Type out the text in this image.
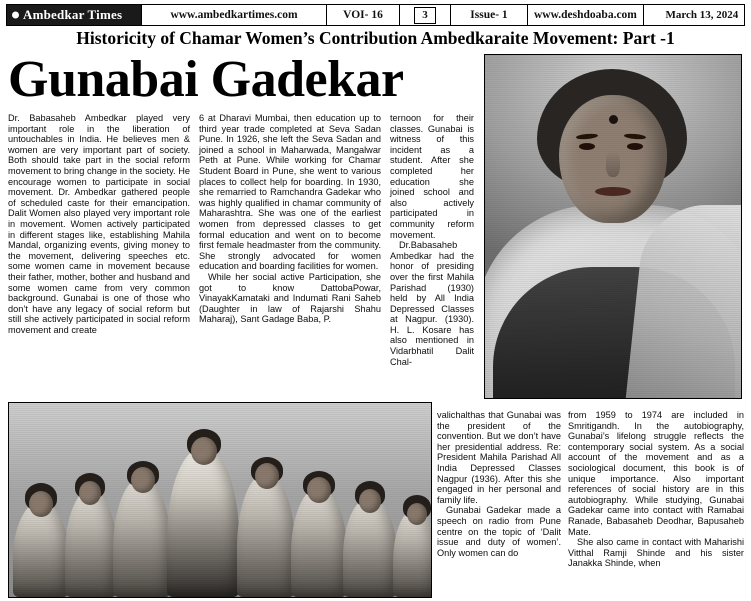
Ambedkar Times	www.ambedkartimes.com	VOI- 16	3	Issue- 1	www.deshdoaba.com	March 13, 2024
Historicity of Chamar Women’s Contribution Ambedkaraite Movement: Part -1
Gunabai Gadekar

Dr. Babasaheb Ambedkar played very important role in the liberation of untouchables in India. He believes men & women are very important part of society. Both should take part in the social reform movement to bring change in the society. He encourage women to participate in social movement. Dr. Ambedkar gathered people of scheduled caste for their emancipation. Dalit Women also played very important role in movement. Women actively participated in different stages like, establishing Mahila Mandal, organizing events, giving money to the movement, delivering speeches etc. some women came in movement because their father, mother, bother and husband and some women came from very common background. Gunabai is one of those who don’t have any legacy of social reform but still she actively participated in social reform movement and create

6 at Dharavi Mumbai, then education up to third year trade completed at Seva Sadan Pune. In 1926, she left the Seva Sadan and joined a school in Maharwada, Mangalwar Peth at Pune. While working for Chamar Student Board in Pune, she went to various places to collect help for boarding. In 1930, she remarried to Ramchandra Gadekar who was highly qualified in chamar community of Maharashtra. She was one of the earliest women from depressed classes to get formal education and went on to become first female headmaster from the community. She strongly advocated for women education and boarding facilities for women.

While her social active Participation, she got to know DattobaPowar, VinayakKamataki and Indumati Rani Saheb (Daughter in law of Rajarshi Shahu Maharaj), Sant Gadage Baba, P.

ternoon for their classes. Gunabai is witness of this incident as a student. After she completed her education she joined school and also actively participated in community reform movement.

Dr.Babasaheb Ambedkar had the honor of presiding over the first Mahila Parishad (1930) held by All India Depressed Classes at Nagpur. (1930). H. L. Kosare has also mentioned in Vidarbhatil Dalit Chal-

valichalthas that Gunabai was the president of the convention. But we don’t have her presidential address. Re: President Mahila Parishad All India Depressed Classes Nagpur (1936). After this she engaged in her personal and family life.

Gunabai Gadekar made a speech on radio from Pune centre on the topic of ‘Dalit issue and duty of women’. Only women can do

from 1959 to 1974 are included in Smritigandh. In the autobiography, Gunabai’s lifelong struggle reflects the contemporary social system. As a social account of the movement and as a sociological document, this book is of unique importance. Also important references of social history are in this autobiography. While studying, Gunabai Gadekar came into contact with Ramabai Ranade, Babasaheb Deodhar, Bapusaheb Mate.

She also came in contact with Maharishi Vitthal Ramji Shinde and his sister Janakka Shinde, when
